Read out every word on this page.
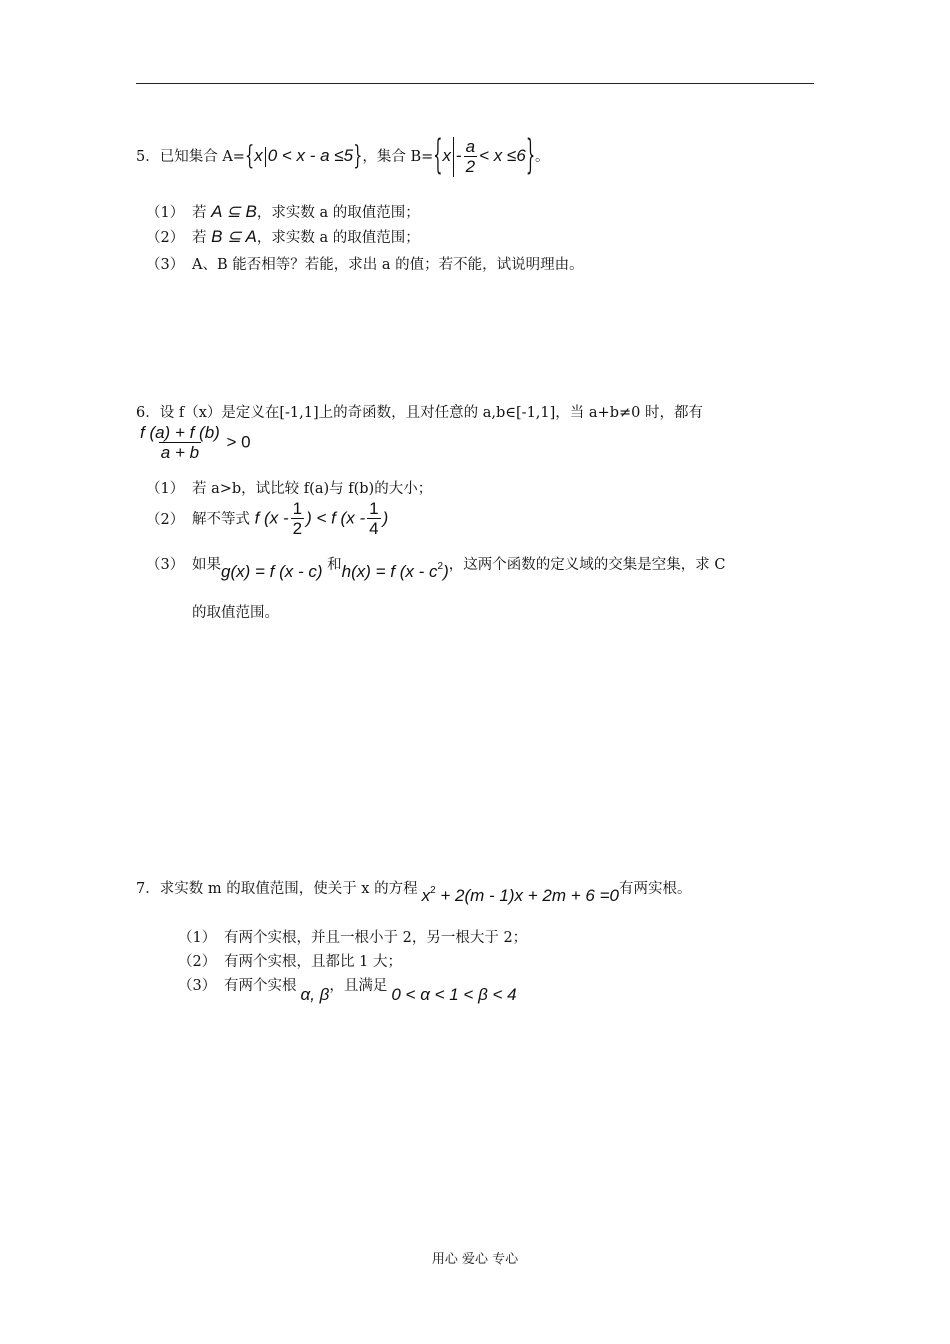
5．已知集合 A={x 0 < x - a ≤5}，集合 $B=\{x - \frac{a}{2} < x \le 6\}$。
（1） 若 A ⊆ B，求实数 a 的取值范围；
（2） 若 B ⊆ A，求实数 a 的取值范围；
（3） A、B 能否相等？若能，求出 a 的值；若不能，试说明理由。
6．设 f（x）是定义在[-1,1]上的奇函数，且对任意的 a,b∈[-1,1]，当 a+b≠0 时，都有
$\frac{f (a) + f (b)}{a + b} > 0$
（1） 若 a>b，试比较 f(a)与 f(b)的大小；
（2） 解不等式 f ($x - \frac{1}{2}$ ) < f ($x - \frac{1}{4}$ )
（3） 如果g(x) = f (x - c) 和h(x) = f $(x - c^2)$，这两个函数的定义域的交集是空集，求 C
的取值范围。
7．求实数 m 的取值范围，使关于 x 的方程 $x^2 + 2(m - 1)x + 2m + 6 =0$有两实根。
（1） 有两个实根，并且一根小于 2，另一根大于 2；
（2） 有两个实根，且都比 1 大；
（3） 有两个实根 α, β，且满足 0 < α < 1 < β < 4
用心 爱心 专心
